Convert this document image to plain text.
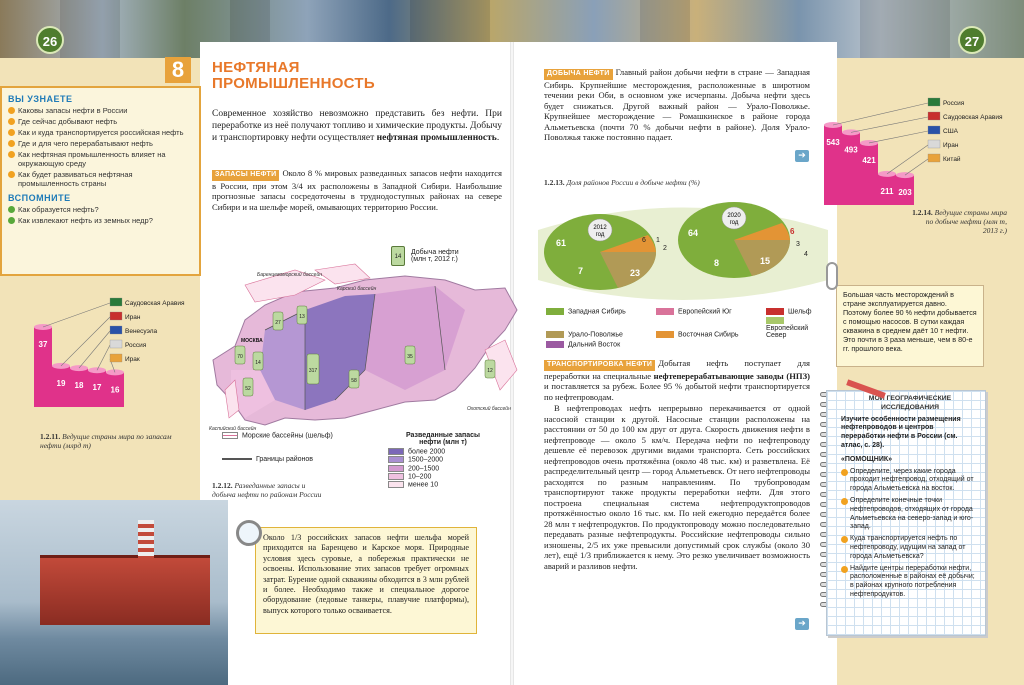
26	27
8	НЕФТЯНАЯ
ПРОМЫШЛЕННОСТЬ
ВЫ УЗНАЕТЕ
Каковы запасы нефти в России
Где сейчас добывают нефть
Как и куда транспортируется российская нефть
Где и для чего перерабатывают нефть
Как нефтяная промышленность влияет на окружающую среду
Как будет развиваться нефтяная промышленность страны
ВСПОМНИТЕ
Как образуется нефть?
Как извлекают нефть из земных недр?
Современное хозяйство невозможно представить без нефти. При переработке из неё получают топливо и химические продукты. Добычу и транспортировку нефти осуществляет нефтяная промышленность.
ЗАПАСЫ НЕФТИ Около 8 % мировых разведанных запасов нефти находится в России, при этом 3/4 их расположены в Западной Сибири. Наибольшие прогнозные запасы сосредоточены в труднодоступных районах на севере Сибири и на шельфе морей, омывающих территорию России.
27
70
52
317
58
35
13
14
12
Баренцевоморский бассейн
Карский бассейн
Каспийский бассейн
Охотский бассейн
МОСКВА
14
Добыча нефти
(млн т, 2012 г.)
Морские бассейны (шельф)
Границы районов
Разведанные запасы
нефти (млн т)
более 2000
1500–2000
200–1500
10–200
менее 10
1.2.12. Разведанные запасы и добыча нефти по районам России
37
Саудовская Аравия
19
Иран
18
Венесуэла
17
Россия
16
Ирак
1.2.11. Ведущие страны мира по запасам нефти (млрд т)
Около 1/3 российских запасов нефти шельфа морей приходится на Баренцево и Карское моря. Природные условия здесь суровые, а побережья практически не освоены. Использование этих запасов требует огромных затрат. Бурение одной скважины обходится в 3 млн рублей и более. Необходимо также и специальное дорогое оборудование (ледовые танкеры, плавучие платформы), выпуск которого только осваивается.
ДОБЫЧА НЕФТИ Главный район добычи нефти в стране — Западная Сибирь. Крупнейшие месторождения, расположенные в широтном течении реки Оби, в основном уже исчерпаны. Добыча нефти здесь будет снижаться. Другой важный район — Урало-Поволжье. Крупнейшее месторождение — Ромашкинское в районе города Альметьевска (почти 70 % добычи нефти в районе). Доля Урало-Поволжья также постоянно падает.
➔
1.2.13. Доля районов России в добыче нефти (%)
2012
год
61
7	23
1
2
6
2020
год
64
8	15
6
3
4
Западная Сибирь	Европейский Юг	ШельфУрало-Поволжье	Восточная СибирьЕвропейский СеверДальний Восток
ТРАНСПОРТИРОВКА НЕФТИ Добытая нефть поступает для переработки на специальные нефтеперерабатывающие заводы (НПЗ) и поставляется за рубеж. Более 95 % добытой нефти транспортируется по нефтепроводам.
В нефтепроводах нефть непрерывно перекачивается от одной насосной станции к другой. Насосные станции расположены на расстоянии от 50 до 100 км друг от друга. Скорость движения нефти в нефтепроводе — около 5 км/ч. Передача нефти по нефтепроводу дешевле её перевозок другими видами транспорта. Сеть российских нефтепроводов очень протяжённа (около 48 тыс. км) и разветвлена. Её распределительный центр — город Альметьевск. От него нефтепроводы расходятся по разным направлениям. По трубопроводам транспортируют также продукты переработки нефти. Для этого построена специальная система нефтепродуктопроводов протяжённостью около 16 тыс. км. По ней ежегодно передаётся более 28 млн т нефтепродуктов. По продуктопроводу можно последовательно передавать разные нефтепродукты. Российские нефтепроводы сильно изношены, 2/5 их уже превысили допустимый срок службы (около 30 лет), ещё 1/3 приближается к нему. Это резко увеличивает возможность аварий и разливов нефти.
➔
543
Россия
493
Саудовская Аравия
421
США
211
Иран
203
Китай
1.2.14. Ведущие страны мира по добыче нефти (млн т, 2013 г.)
Большая часть месторождений в стране эксплуатируется давно. Поэтому более 90 % нефти добывается с помощью насосов. В сутки каждая скважина в среднем даёт 10 т нефти. Это почти в 3 раза меньше, чем в 80-е гг. прошлого века.
МОИ ГЕОГРАФИЧЕСКИЕ
ИССЛЕДОВАНИЯ
Изучите особенности размещения нефтепроводов и центров переработки нефти в России (см. атлас, с. 28).
«ПОМОЩНИК»
Определите, через какие города проходит нефтепровод, отходящий от города Альметьевска на восток.
Определите конечные точки нефтепроводов, отходящих от города Альметьевска на северо-запад и юго-запад.
Куда транспортируется нефть по нефтепроводу, идущим на запад от города Альметьевска?
Найдите центры переработки нефти, расположенные в районах её добычи; в районах крупного потребления нефтепродуктов.
